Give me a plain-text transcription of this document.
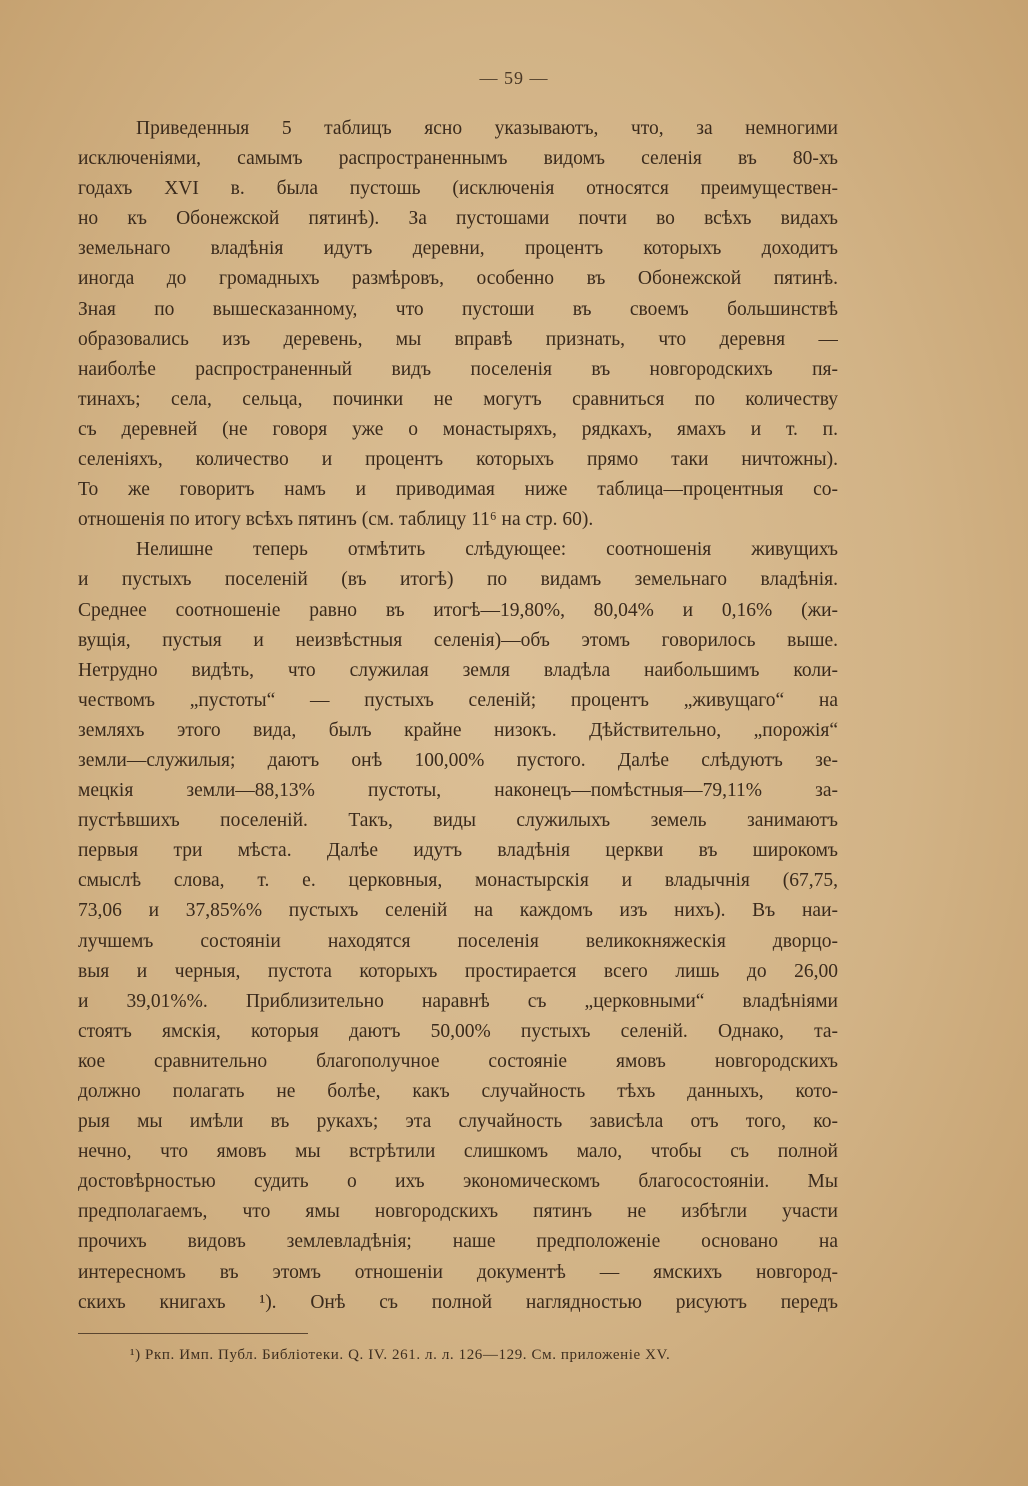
— 59 —
Приведенныя 5 таблицъ ясно указываютъ, что, за немногими
исключеніями, самымъ распространеннымъ видомъ селенія въ 80-хъ
годахъ XVI в. была пустошь (исключенія относятся преимуществен-
но къ Обонежской пятинѣ). За пустошами почти во всѣхъ видахъ
земельнаго владѣнія идутъ деревни, процентъ которыхъ доходитъ
иногда до громадныхъ размѣровъ, особенно въ Обонежской пятинѣ.
Зная по вышесказанному, что пустоши въ своемъ большинствѣ
образовались изъ деревень, мы вправѣ признать, что деревня —
наиболѣе распространенный видъ поселенія въ новгородскихъ пя-
тинахъ; села, сельца, починки не могутъ сравниться по количеству
съ деревней (не говоря уже о монастыряхъ, рядкахъ, ямахъ и т. п.
селеніяхъ, количество и процентъ которыхъ прямо таки ничтожны).
То же говоритъ намъ и приводимая ниже таблица—процентныя со-
отношенія по итогу всѣхъ пятинъ (см. таблицу 11⁶ на стр. 60).
Нелишне теперь отмѣтить слѣдующее: соотношенія живущихъ
и пустыхъ поселеній (въ итогѣ) по видамъ земельнаго владѣнія.
Среднее соотношеніе равно въ итогѣ—19,80%, 80,04% и 0,16% (жи-
вущія, пустыя и неизвѣстныя селенія)—объ этомъ говорилось выше.
Нетрудно видѣть, что служилая земля владѣла наибольшимъ коли-
чествомъ „пустоты“ — пустыхъ селеній; процентъ „живущаго“ на
земляхъ этого вида, былъ крайне низокъ. Дѣйствительно, „порожія“
земли—служилыя; даютъ онѣ 100,00% пустого. Далѣе слѣдуютъ зе-
мецкія земли—88,13% пустоты, наконецъ—помѣстныя—79,11% за-
пустѣвшихъ поселеній. Такъ, виды служилыхъ земель занимаютъ
первыя три мѣста. Далѣе идутъ владѣнія церкви въ широкомъ
смыслѣ слова, т. е. церковныя, монастырскія и владычнія (67,75,
73,06 и 37,85%% пустыхъ селеній на каждомъ изъ нихъ). Въ наи-
лучшемъ состояніи находятся поселенія великокняжескія дворцо-
выя и черныя, пустота которыхъ простирается всего лишь до 26,00
и 39,01%%. Приблизительно наравнѣ съ „церковными“ владѣніями
стоятъ ямскія, которыя даютъ 50,00% пустыхъ селеній. Однако, та-
кое сравнительно благополучное состояніе ямовъ новгородскихъ
должно полагать не болѣе, какъ случайность тѣхъ данныхъ, кото-
рыя мы имѣли въ рукахъ; эта случайность зависѣла отъ того, ко-
нечно, что ямовъ мы встрѣтили слишкомъ мало, чтобы съ полной
достовѣрностью судить о ихъ экономическомъ благосостояніи. Мы
предполагаемъ, что ямы новгородскихъ пятинъ не избѣгли участи
прочихъ видовъ землевладѣнія; наше предположеніе основано на
интересномъ въ этомъ отношеніи документѣ — ямскихъ новгород-
скихъ книгахъ ¹). Онѣ съ полной наглядностью рисуютъ передъ
¹) Ркп. Имп. Публ. Библіотеки. Q. IV. 261. л. л. 126—129. См. приложеніе XV.
